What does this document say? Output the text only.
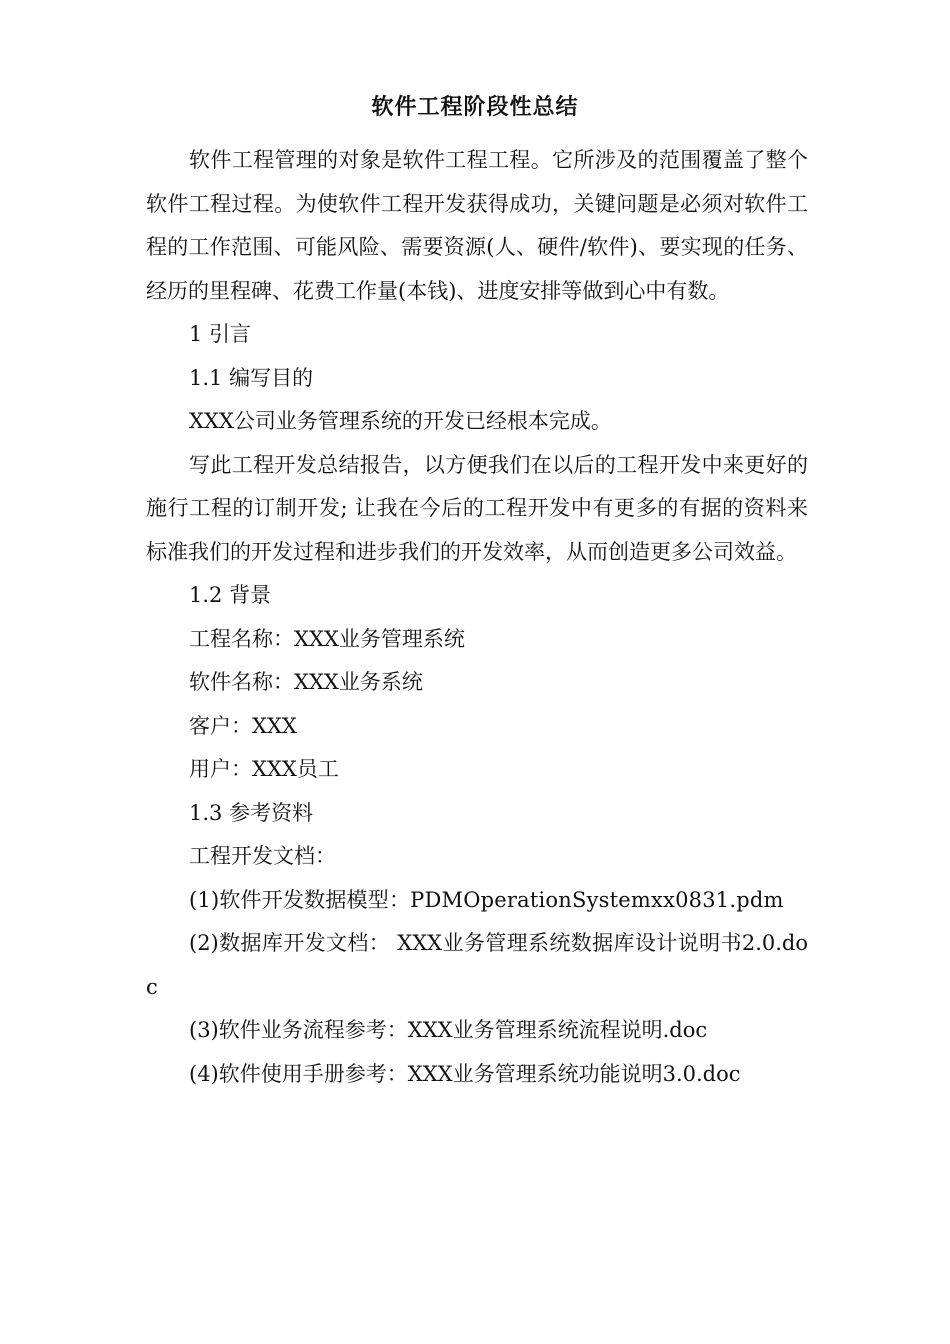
软件工程阶段性总结

软件工程管理的对象是软件工程工程。它所涉及的范围覆盖了整个软件工程过程。为使软件工程开发获得成功，关键问题是必须对软件工程的工作范围、可能风险、需要资源(人、硬件/软件)、要实现的任务、经历的里程碑、花费工作量(本钱)、进度安排等做到心中有数。

1 引言

1.1 编写目的

XXX公司业务管理系统的开发已经根本完成。

写此工程开发总结报告，以方便我们在以后的工程开发中来更好的施行工程的订制开发; 让我在今后的工程开发中有更多的有据的资料来标准我们的开发过程和进步我们的开发效率，从而创造更多公司效益。

1.2 背景

工程名称：XXX业务管理系统

软件名称：XXX业务系统

客户：XXX

用户：XXX员工

1.3 参考资料

工程开发文档：

(1)软件开发数据模型：PDMOperationSystemxx0831.pdm

(2)数据库开发文档： XXX业务管理系统数据库设计说明书2.0.doc

(3)软件业务流程参考：XXX业务管理系统流程说明.doc

(4)软件使用手册参考：XXX业务管理系统功能说明3.0.doc
